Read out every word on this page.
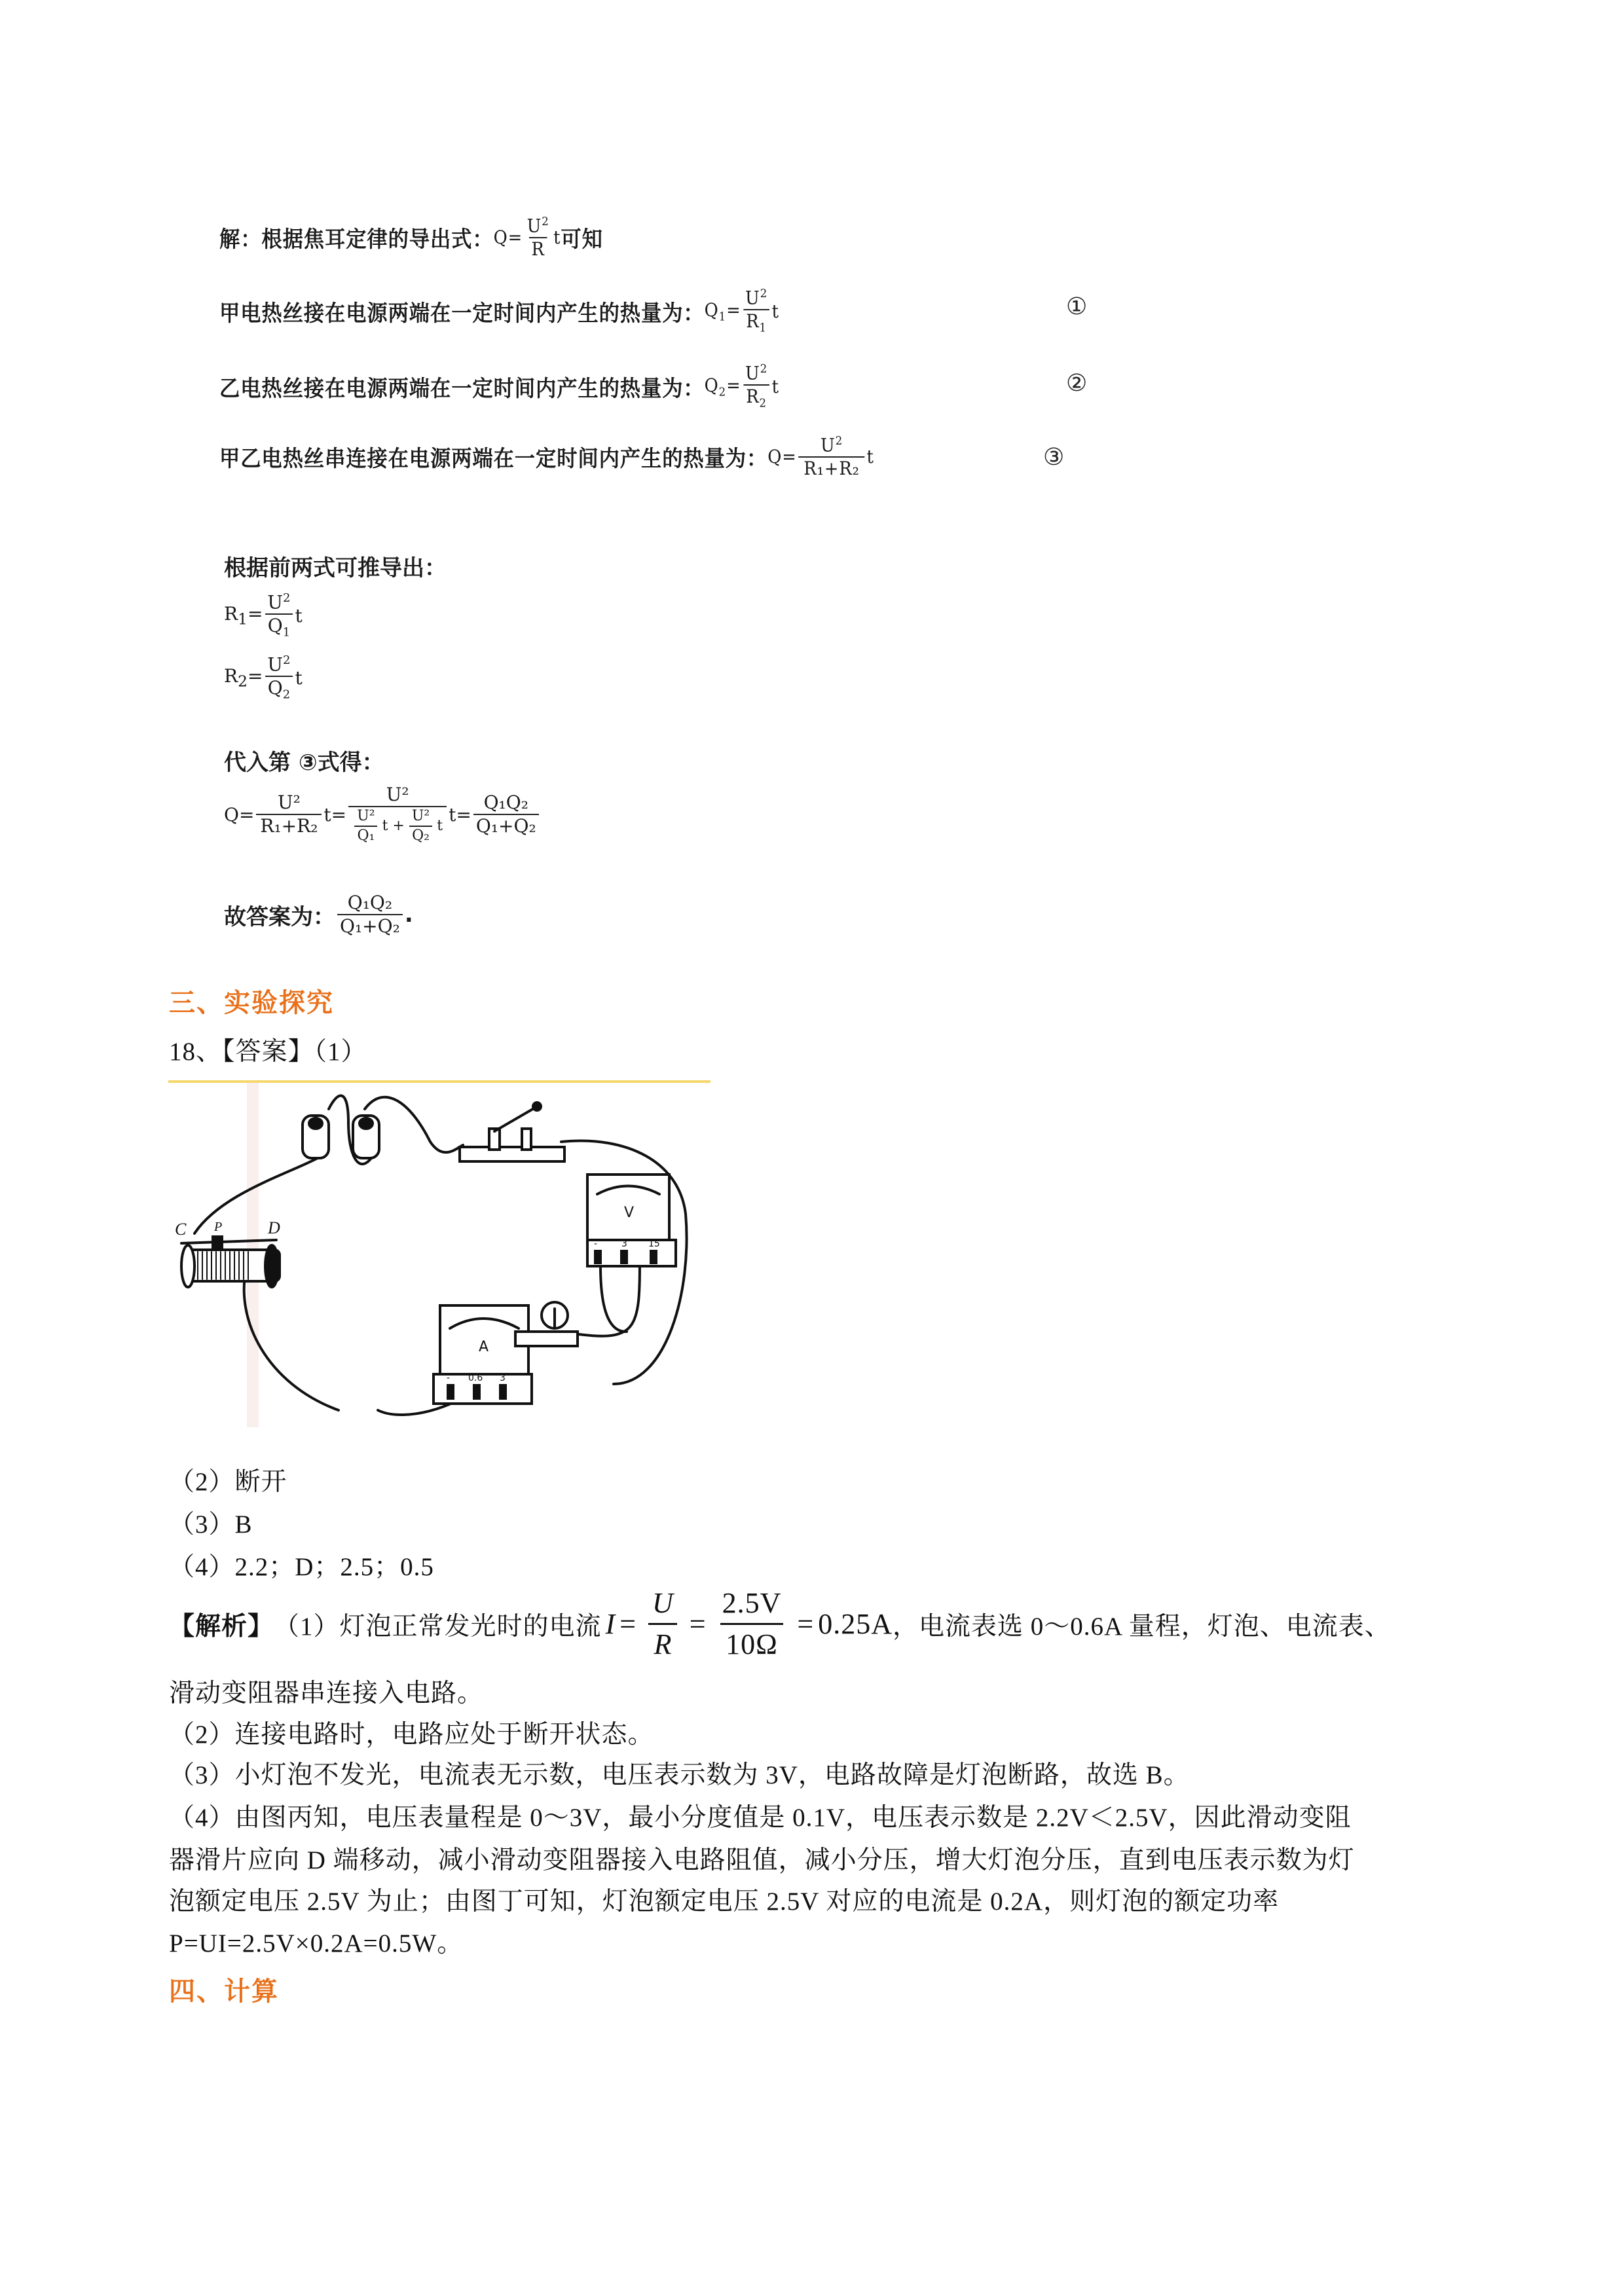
解：根据焦耳定律的导出式： $Q= \frac{U^2}{R}$ t 可知
甲电热丝接在电源两端在一定时间内产生的热量为： $Q_1= \frac{U^2}{R_1}$ t	①
乙电热丝接在电源两端在一定时间内产生的热量为： $Q_2= \frac{U^2}{R_2}$ t	②
甲乙电热丝串连接在电源两端在一定时间内产生的热量为： $Q= \frac{U^2}{\text{R₁+R₂}}$ t	③
根据前两式可推导出：
$R_1= \frac{U^2}{Q_1}$ t
$R_2= \frac{U^2}{Q_2}$ t
代入第 ③式得：
$Q= \frac{\text{U²}}{\text{R₁+R₂}} t=$
U²
$\frac{\text{U²}}{\text{Q₁}}$ $t + \frac{\text{U²}}{\text{Q₂}}$ t
$t= \frac{\text{Q₁Q₂}}{\text{Q₁+Q₂}}$
故答案为： $\frac{\text{Q₁Q₂}}{\text{Q₁+Q₂}}$ .
三、实验探究
18、【答案】（1）
C P	D
V
A
-	3 15
- 0.6 3
（2）断开
（3）B
（4）2.2；D；2.5；0.5
【解析】 （1）灯泡正常发光时的电流 $I = \frac{U}{R} = \frac{2.5V}{10\Omega} = 0.25A$ ，电流表选 0～0.6A 量程，灯泡、电流表、
滑动变阻器串连接入电路。
（2）连接电路时，电路应处于断开状态。
（3）小灯泡不发光，电流表无示数，电压表示数为 3V，电路故障是灯泡断路，故选 B。
（4）由图丙知，电压表量程是 0～3V，最小分度值是 0.1V，电压表示数是 2.2V＜2.5V，因此滑动变阻
器滑片应向 D 端移动，减小滑动变阻器接入电路阻值，减小分压，增大灯泡分压，直到电压表示数为灯
泡额定电压 2.5V 为止；由图丁可知，灯泡额定电压 2.5V 对应的电流是 0.2A，则灯泡的额定功率
P=UI=2.5V×0.2A=0.5W。
四、计算
